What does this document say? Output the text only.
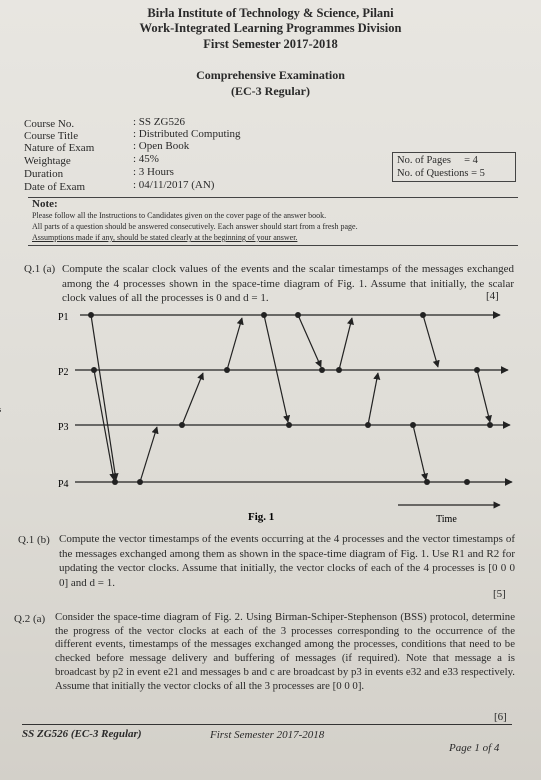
Birla Institute of Technology & Science, Pilani
Work-Integrated Learning Programmes Division
First Semester 2017-2018
Comprehensive Examination
(EC-3 Regular)
Course No.	: SS ZG526
Course Title	: Distributed Computing
Nature of Exam	: Open Book
Weightage	: 45%
Duration	: 3 Hours
Date of Exam	: 04/11/2017 (AN)
No. of Pages     = 4
No. of Questions = 5
Note:
Please follow all the Instructions to Candidates given on the cover page of the answer book.
All parts of a question should be answered consecutively. Each answer should start from a fresh page.
Assumptions made if any, should be stated clearly at the beginning of your answer.
Q.1 (a) Compute the scalar clock values of the events and the scalar timestamps of the messages exchanged among the 4 processes shown in the space-time diagram of Fig. 1. Assume that initially, the scalar clock values of all the processes is 0 and d = 1.	[4]
P1
P2
P3
P4
Fig. 1	Time
Q.1 (b) Compute the vector timestamps of the events occurring at the 4 processes and the vector timestamps of the messages exchanged among them as shown in the space-time diagram of Fig. 1. Use R1 and R2 for updating the vector clocks. Assume that initially, the vector clocks of each of the 4 processes is [0 0 0 0] and d = 1.
[5]
Q.2 (a) Consider the space-time diagram of Fig. 2. Using Birman-Schiper-Stephenson (BSS) protocol, determine the progress of the vector clocks at each of the 3 processes corresponding to the occurrence of the different events, timestamps of the messages exchanged among the processes, conditions that need to be checked before message delivery and buffering of messages (if required). Note that message a is broadcast by p2 in event e21 and messages b and c are broadcast by p3 in events e32 and e33 respectively. Assume that initially the vector clocks of all the 3 processes are [0 0 0].
[6]
SS ZG526 (EC-3 Regular)	First Semester 2017-2018
Page 1 of 4
